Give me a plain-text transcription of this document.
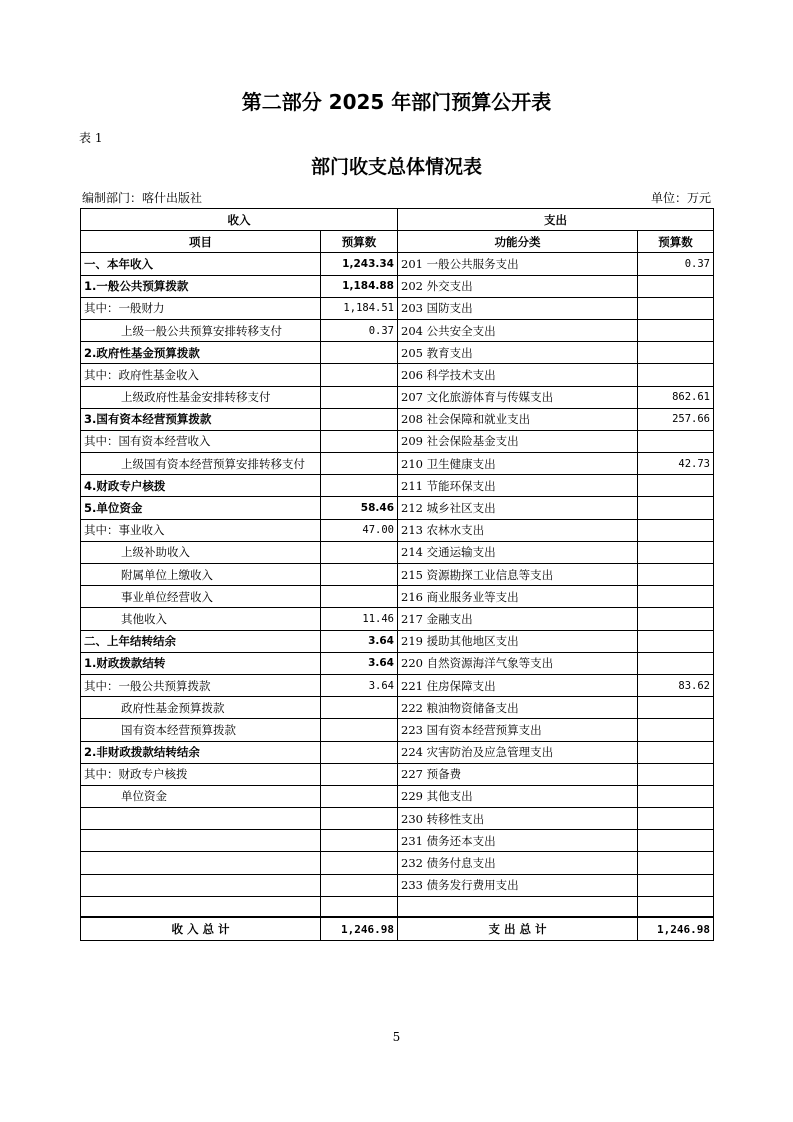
第二部分 2025 年部门预算公开表
表 1
部门收支总体情况表
编制部门：喀什出版社	单位：万元
收入		支出	
项目	预算数	功能分类	预算数
一、本年收入	1,243.34	201 一般公共服务支出	0.37
1.一般公共预算拨款	1,184.88	202 外交支出	
其中：一般财力	1,184.51	203 国防支出	
上级一般公共预算安排转移支付	0.37	204 公共安全支出	
2.政府性基金预算拨款		205 教育支出	
其中：政府性基金收入		206 科学技术支出	
上级政府性基金安排转移支付		207 文化旅游体育与传媒支出	862.61
3.国有资本经营预算拨款		208 社会保障和就业支出	257.66
其中：国有资本经营收入		209 社会保险基金支出	
上级国有资本经营预算安排转移支付		210 卫生健康支出	42.73
4.财政专户核拨		211 节能环保支出	
5.单位资金	58.46	212 城乡社区支出	
其中：事业收入	47.00	213 农林水支出	
上级补助收入		214 交通运输支出	
附属单位上缴收入		215 资源勘探工业信息等支出	
事业单位经营收入		216 商业服务业等支出	
其他收入	11.46	217 金融支出	
二、上年结转结余	3.64	219 援助其他地区支出	
1.财政拨款结转	3.64	220 自然资源海洋气象等支出	
其中：一般公共预算拨款	3.64	221 住房保障支出	83.62
政府性基金预算拨款		222 粮油物资储备支出	
国有资本经营预算拨款		223 国有资本经营预算支出	
2.非财政拨款结转结余		224 灾害防治及应急管理支出	
其中：财政专户核拨		227 预备费	
单位资金		229 其他支出	
		230 转移性支出	
		231 债务还本支出	
		232 债务付息支出	
		233 债务发行费用支出	

收 入 总 计	1,246.98	支 出 总 计	1,246.98
5
